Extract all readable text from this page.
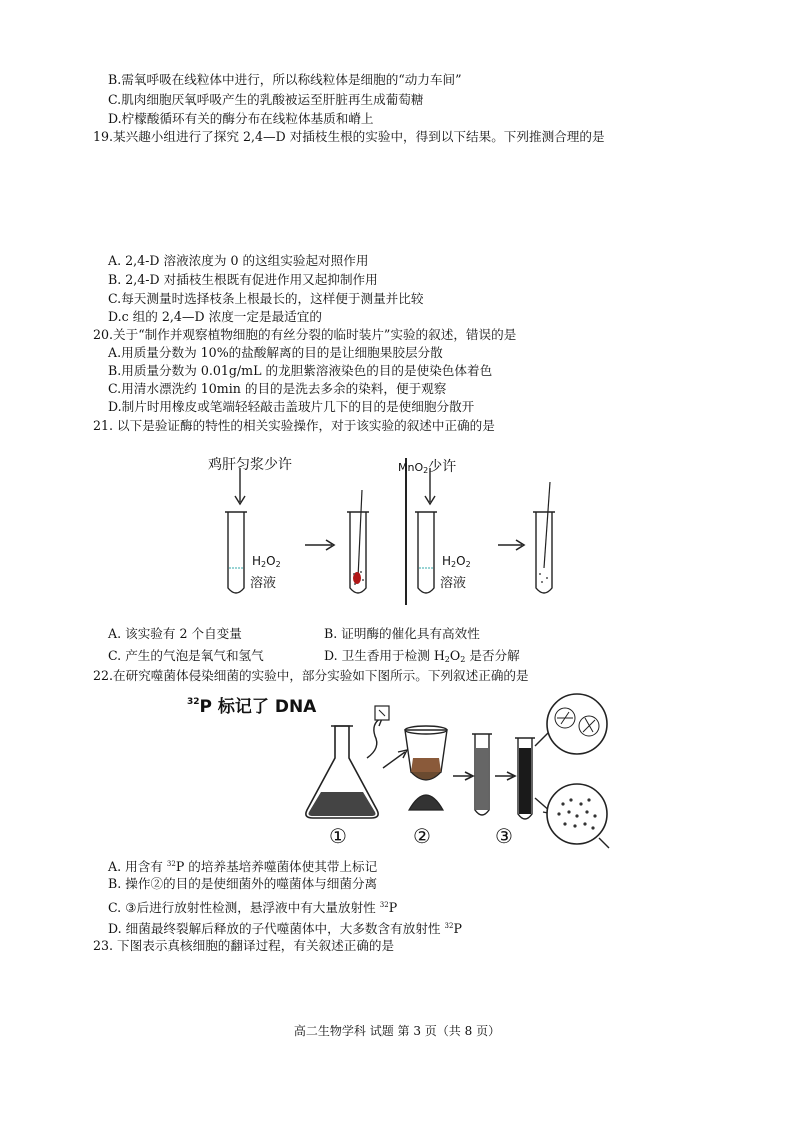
B.需氧呼吸在线粒体中进行，所以称线粒体是细胞的“动力车间”
C.肌肉细胞厌氧呼吸产生的乳酸被运至肝脏再生成葡萄糖
D.柠檬酸循环有关的酶分布在线粒体基质和嵴上
19.某兴趣小组进行了探究 2,4—D 对插枝生根的实验中，得到以下结果。下列推测合理的是
A. 2,4-D 溶液浓度为 0 的这组实验起对照作用
B. 2,4-D 对插枝生根既有促进作用又起抑制作用
C.每天测量时选择枝条上根最长的，这样便于测量并比较
D.c 组的 2,4—D 浓度一定是最适宜的
20.关于“制作并观察植物细胞的有丝分裂的临时装片”实验的叙述，错误的是
A.用质量分数为 10%的盐酸解离的目的是让细胞果胶层分散
B.用质量分数为 0.01g/mL 的龙胆紫溶液染色的目的是使染色体着色
C.用清水漂洗约 10min 的目的是洗去多余的染料，便于观察
D.制片时用橡皮或笔端轻轻敲击盖玻片几下的目的是使细胞分散开
21. 以下是验证酶的特性的相关实验操作，对于该实验的叙述中正确的是
鸡肝匀浆少许	MnO$_2$少许
$H_2O_2$
溶液
$H_2O_2$
溶液
A. 该实验有 2 个自变量	B. 证明酶的催化具有高效性
C. 产生的气泡是氧气和氢气	D. 卫生香用于检测 $H_2O_2$ 是否分解
22.在研究噬菌体侵染细菌的实验中，部分实验如下图所示。下列叙述正确的是
$^{32}$P 标记了 DNA
①	②	③
A. 用含有 $^{32}$P 的培养基培养噬菌体使其带上标记
B. 操作②的目的是使细菌外的噬菌体与细菌分离
C. ③后进行放射性检测，悬浮液中有大量放射性 $^{32}$P
D. 细菌最终裂解后释放的子代噬菌体中，大多数含有放射性 $^{32}$P
23. 下图表示真核细胞的翻译过程，有关叙述正确的是
高二生物学科 试题 第 3 页（共 8 页）
